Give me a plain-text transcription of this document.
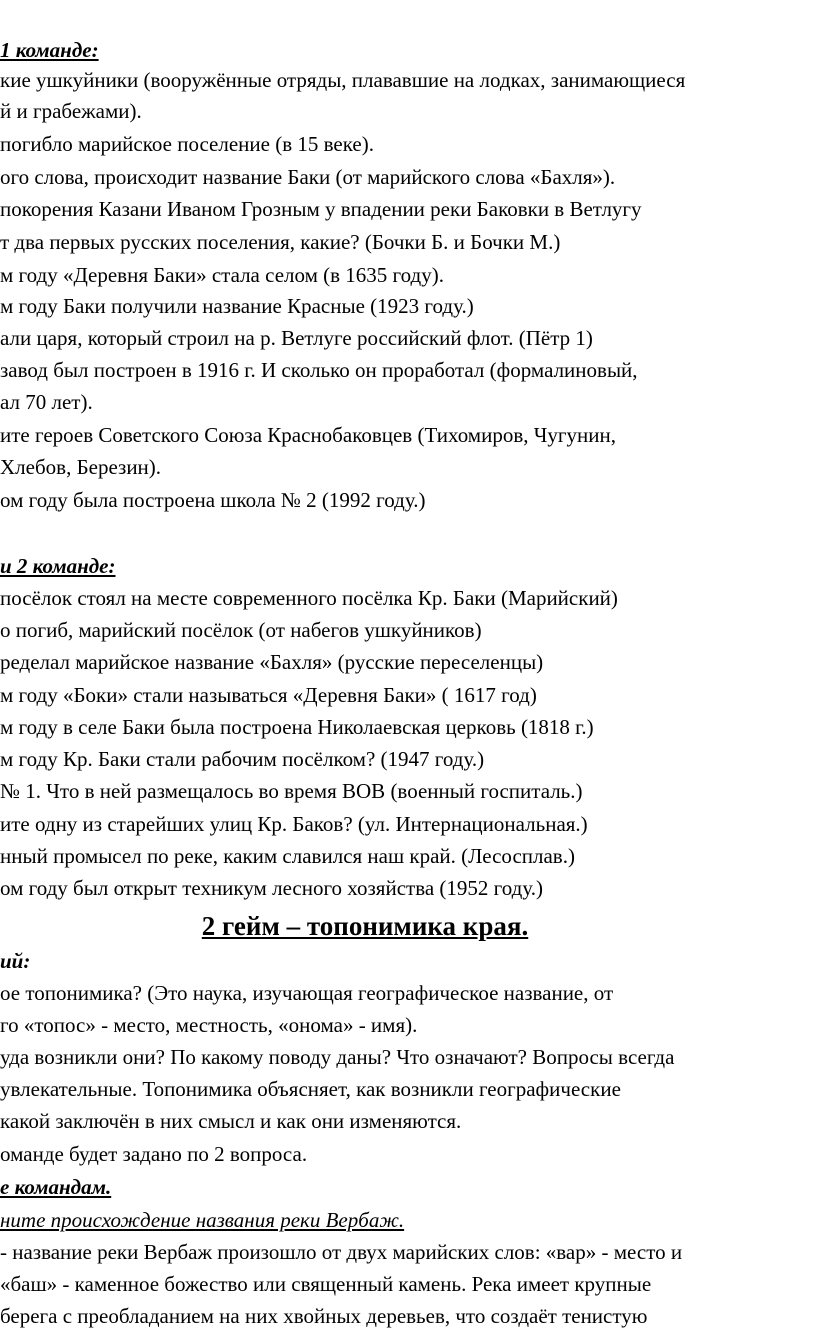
1 команде:
кие ушкуйники (вооружённые отряды, плававшие на лодках, занимающиеся
й и грабежами).
погибло марийское поселение (в 15 веке).
ого слова, происходит название Баки (от марийского слова «Бахля»).
покорения Казани Иваном Грозным у впадении реки Баковки в Ветлугу
т два первых русских поселения, какие? (Бочки Б. и Бочки М.)
м году «Деревня Баки» стала селом (в 1635 году).
м году Баки получили название Красные (1923 году.)
али царя, который строил на р. Ветлуге российский флот. (Пётр 1)
завод был построен в 1916 г. И сколько он проработал (формалиновый,
ал 70 лет).
ите героев Советского Союза Краснобаковцев (Тихомиров, Чугунин,
Хлебов, Березин).
ом году была построена школа № 2 (1992 году.)
и 2 команде:
посёлок стоял на месте современного посёлка Кр. Баки (Марийский)
о погиб, марийский посёлок (от набегов ушкуйников)
ределал марийское название «Бахля» (русские переселенцы)
м году «Боки» стали называться «Деревня Баки» ( 1617 год)
м году в селе Баки была построена Николаевская церковь (1818 г.)
м году Кр. Баки стали рабочим посёлком? (1947 году.)
№ 1. Что в ней размещалось во время ВОВ (военный госпиталь.)
ите одну из старейших улиц Кр. Баков? (ул. Интернациональная.)
нный промысел по реке, каким славился наш край. (Лесосплав.)
ом году был открыт техникум лесного хозяйства (1952 году.)
2 гейм – топонимика края.
ий:
ое топонимика? (Это наука, изучающая географическое название, от
го «топос» - место, местность, «онома» - имя).
уда возникли они? По какому поводу даны? Что означают? Вопросы всегда
увлекательные. Топонимика объясняет, как возникли географические
какой заключён в них смысл и как они изменяются.
оманде будет задано по 2 вопроса.
е командам.
ните происхождение названия реки Вербаж.
- название реки Вербаж произошло от двух марийских слов: «вар» - место и
«баш» - каменное божество или священный камень. Река имеет крупные
берега с преобладанием на них хвойных деревьев, что создаёт тенистую
